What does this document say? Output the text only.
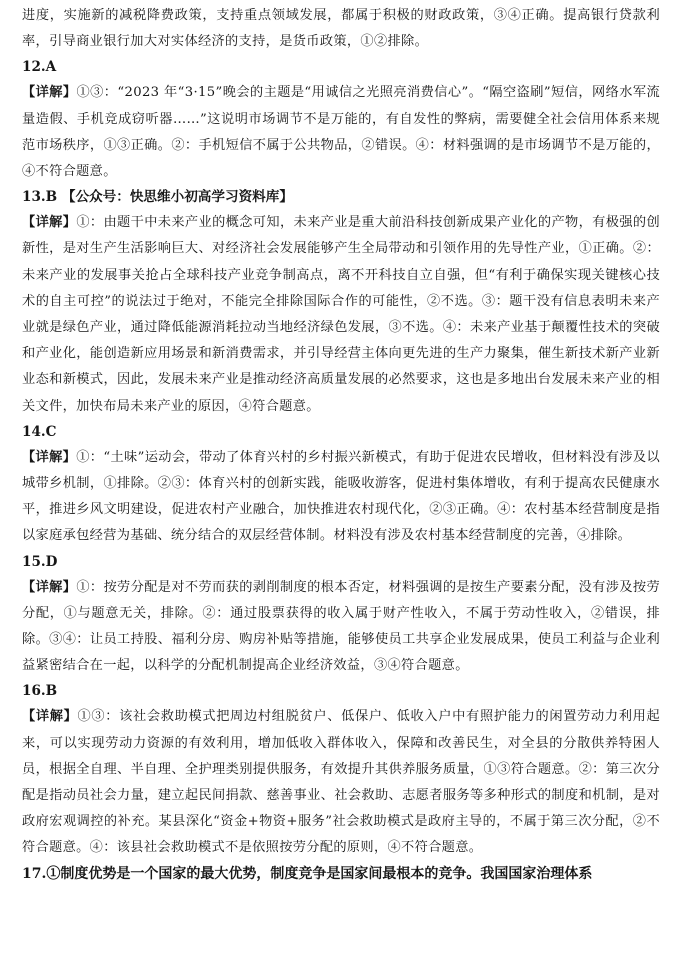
进度，实施新的减税降费政策，支持重点领域发展，都属于积极的财政政策，③④正确。提高银行贷款利率，引导商业银行加大对实体经济的支持，是货币政策，①②排除。

12.A

【详解】①③：“2023 年“3·15”晚会的主题是“用诚信之光照亮消费信心”。“隔空盗刷”短信，网络水军流量造假、手机竞成窃听器……”这说明市场调节不是万能的，有自发性的弊病，需要健全社会信用体系来规范市场秩序，①③正确。②：手机短信不属于公共物品，②错误。④：材料强调的是市场调节不是万能的，④不符合题意。

13.B 【公众号：快思维小初高学习资料库】

【详解】①：由题干中未来产业的概念可知，未来产业是重大前沿科技创新成果产业化的产物，有极强的创新性，是对生产生活影响巨大、对经济社会发展能够产生全局带动和引领作用的先导性产业，①正确。②：未来产业的发展事关抢占全球科技产业竞争制高点，离不开科技自立自强，但“有利于确保实现关键核心技术的自主可控”的说法过于绝对，不能完全排除国际合作的可能性，②不选。③：题干没有信息表明未来产业就是绿色产业，通过降低能源消耗拉动当地经济绿色发展，③不选。④：未来产业基于颠覆性技术的突破和产业化，能创造新应用场景和新消费需求，并引导经营主体向更先进的生产力聚集，催生新技术新产业新业态和新模式，因此，发展未来产业是推动经济高质量发展的必然要求，这也是多地出台发展未来产业的相关文件，加快布局未来产业的原因，④符合题意。

14.C

【详解】①：“土味”运动会，带动了体育兴村的乡村振兴新模式，有助于促进农民增收，但材料没有涉及以城带乡机制，①排除。②③：体育兴村的创新实践，能吸收游客，促进村集体增收，有利于提高农民健康水平，推进乡风文明建设，促进农村产业融合，加快推进农村现代化，②③正确。④：农村基本经营制度是指以家庭承包经营为基础、统分结合的双层经营体制。材料没有涉及农村基本经营制度的完善，④排除。

15.D

【详解】①：按劳分配是对不劳而获的剥削制度的根本否定，材料强调的是按生产要素分配，没有涉及按劳分配，①与题意无关，排除。②：通过股票获得的收入属于财产性收入，不属于劳动性收入，②错误，排除。③④：让员工持股、福利分房、购房补贴等措施，能够使员工共享企业发展成果，使员工利益与企业利益紧密结合在一起，以科学的分配机制提高企业经济效益，③④符合题意。

16.B

【详解】①③：该社会救助模式把周边村组脱贫户、低保户、低收入户中有照护能力的闲置劳动力利用起来，可以实现劳动力资源的有效利用，增加低收入群体收入，保障和改善民生，对全县的分散供养特困人员，根据全自理、半自理、全护理类别提供服务，有效提升其供养服务质量，①③符合题意。②：第三次分配是指动员社会力量，建立起民间捐款、慈善事业、社会救助、志愿者服务等多种形式的制度和机制，是对政府宏观调控的补充。某县深化“资金+物资+服务”社会救助模式是政府主导的，不属于第三次分配，②不符合题意。④：该县社会救助模式不是依照按劳分配的原则，④不符合题意。

17.①制度优势是一个国家的最大优势，制度竞争是国家间最根本的竞争。我国国家治理体系
